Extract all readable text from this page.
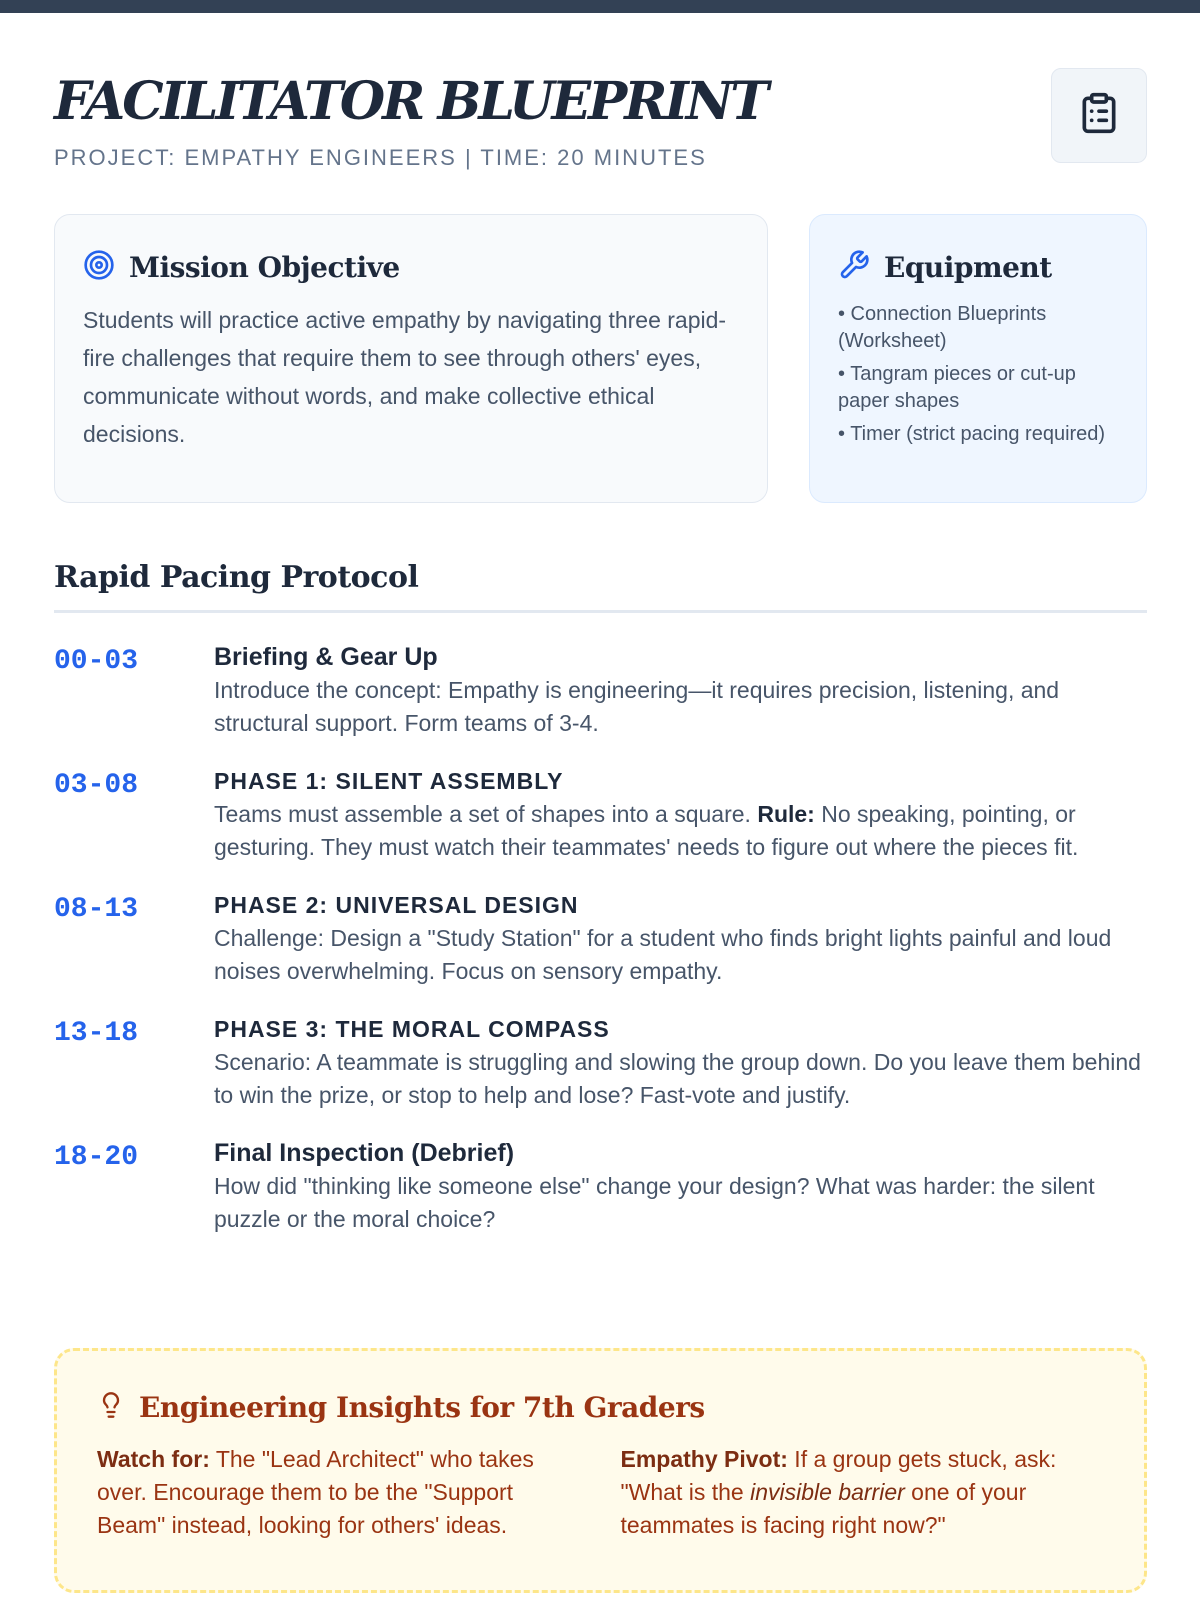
FACILITATOR BLUEPRINT
PROJECT: EMPATHY ENGINEERS | TIME: 20 MINUTES
Mission Objective

Students will practice active empathy by navigating three rapid-fire challenges that require them to see through others' eyes, communicate without words, and make collective ethical decisions.

Equipment
• Connection Blueprints (Worksheet)
• Tangram pieces or cut-up paper shapes
• Timer (strict pacing required)
Rapid Pacing Protocol
00-03	Briefing & Gear Up
Introduce the concept: Empathy is engineering—it requires precision, listening, and structural support. Form teams of 3-4.
03-08	PHASE 1: SILENT ASSEMBLY
Teams must assemble a set of shapes into a square. Rule: No speaking, pointing, or gesturing. They must watch their teammates' needs to figure out where the pieces fit.
08-13	PHASE 2: UNIVERSAL DESIGN
Challenge: Design a "Study Station" for a student who finds bright lights painful and loud noises overwhelming. Focus on sensory empathy.
13-18	PHASE 3: THE MORAL COMPASS
Scenario: A teammate is struggling and slowing the group down. Do you leave them behind to win the prize, or stop to help and lose? Fast-vote and justify.
18-20	Final Inspection (Debrief)
How did "thinking like someone else" change your design? What was harder: the silent puzzle or the moral choice?
Engineering Insights for 7th Graders

Watch for: The "Lead Architect" who takes over. Encourage them to be the "Support Beam" instead, looking for others' ideas.

Empathy Pivot: If a group gets stuck, ask: "What is the invisible barrier one of your teammates is facing right now?"
